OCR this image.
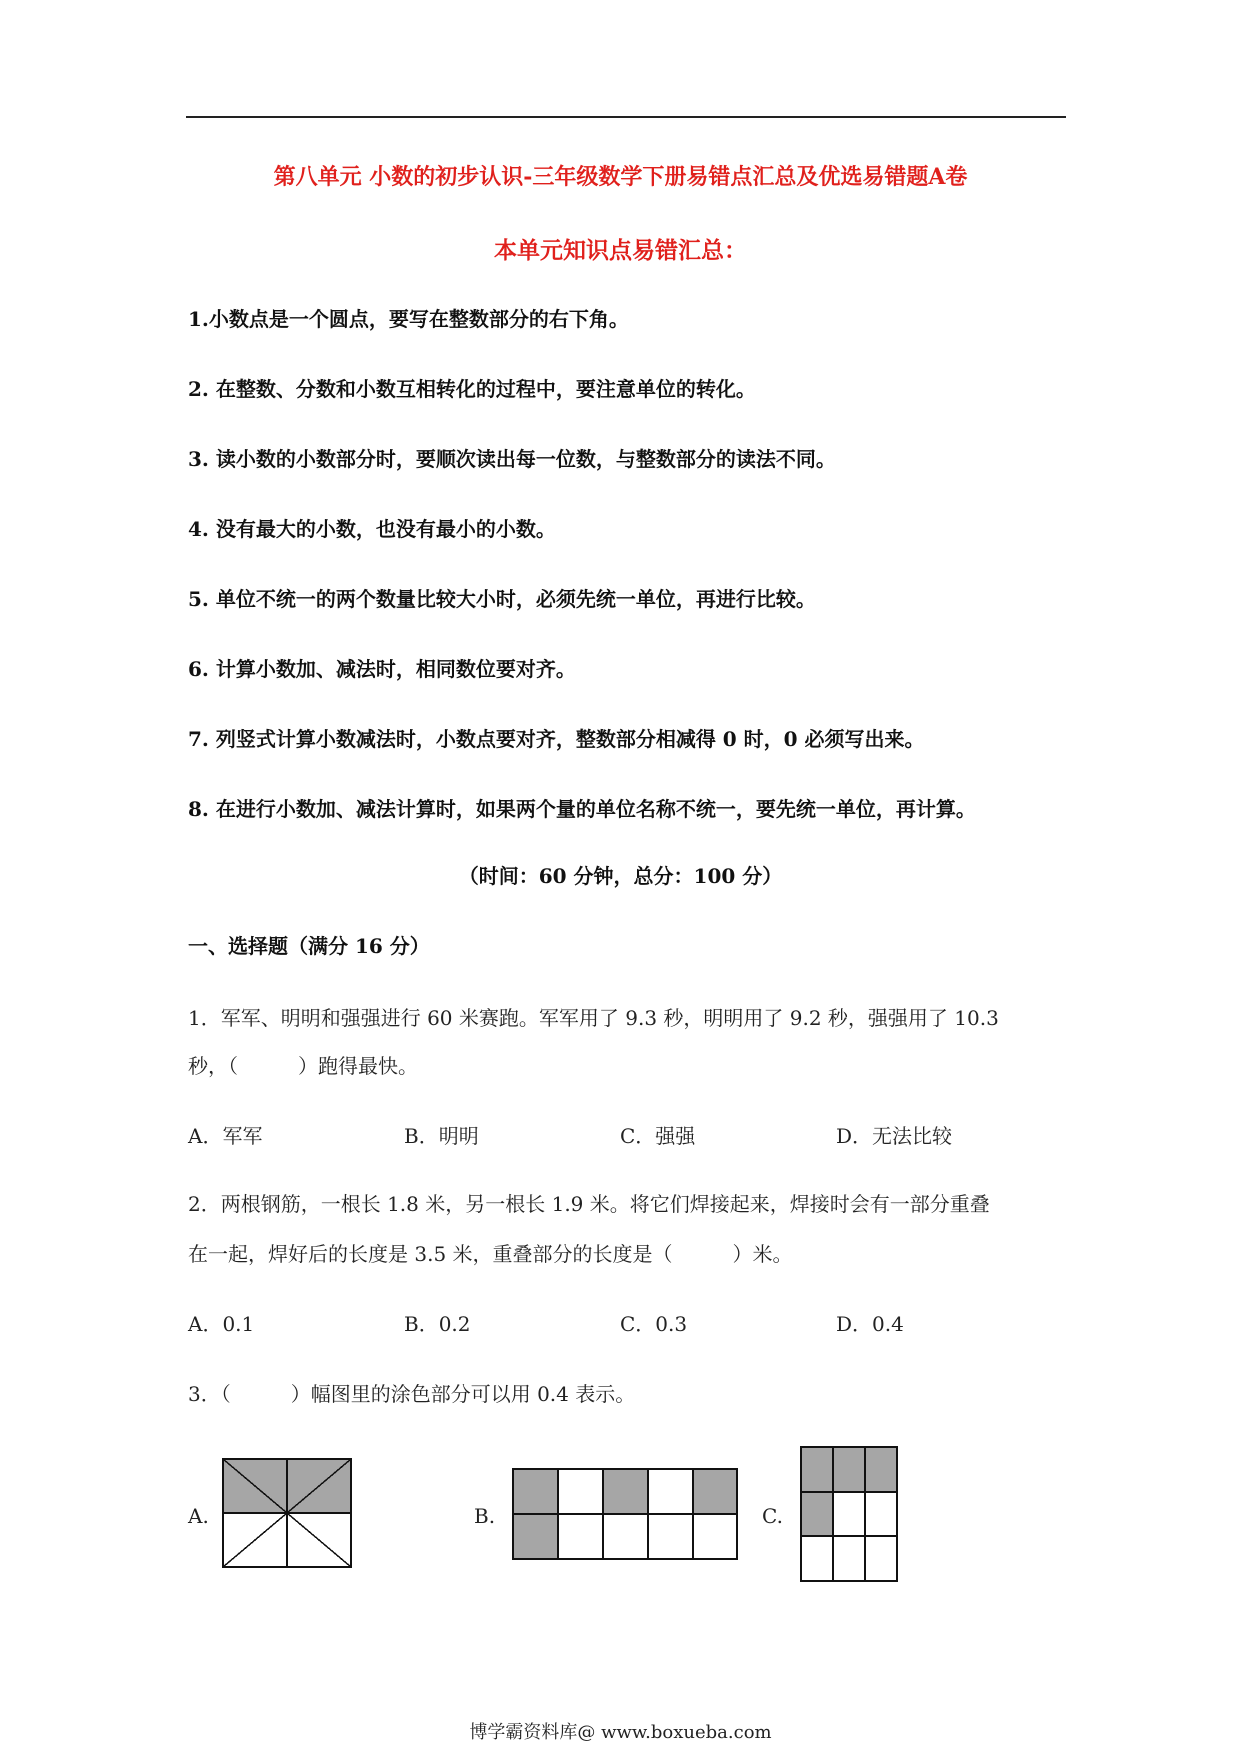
第八单元 小数的初步认识-三年级数学下册易错点汇总及优选易错题A卷
本单元知识点易错汇总：
1.小数点是一个圆点，要写在整数部分的右下角。
2. 在整数、分数和小数互相转化的过程中，要注意单位的转化。
3. 读小数的小数部分时，要顺次读出每一位数，与整数部分的读法不同。
4. 没有最大的小数，也没有最小的小数。
5. 单位不统一的两个数量比较大小时，必须先统一单位，再进行比较。
6. 计算小数加、减法时，相同数位要对齐。
7. 列竖式计算小数减法时，小数点要对齐，整数部分相减得 0 时，0 必须写出来。
8. 在进行小数加、减法计算时，如果两个量的单位名称不统一，要先统一单位，再计算。
（时间：60 分钟，总分：100 分）
一、选择题（满分 16 分）
1．军军、明明和强强进行 60 米赛跑。军军用了 9.3 秒，明明用了 9.2 秒，强强用了 10.3
秒，（　　　）跑得最快。
A．军军	B．明明	C．强强	D．无法比较
2．两根钢筋，一根长 1.8 米，另一根长 1.9 米。将它们焊接起来，焊接时会有一部分重叠
在一起，焊好后的长度是 3.5 米，重叠部分的长度是（　　　）米。
A．0.1	B．0.2	C．0.3	D．0.4
3．（　　　）幅图里的涂色部分可以用 0.4 表示。
A.	B.	C.
博学霸资料库@ www.boxueba.com
